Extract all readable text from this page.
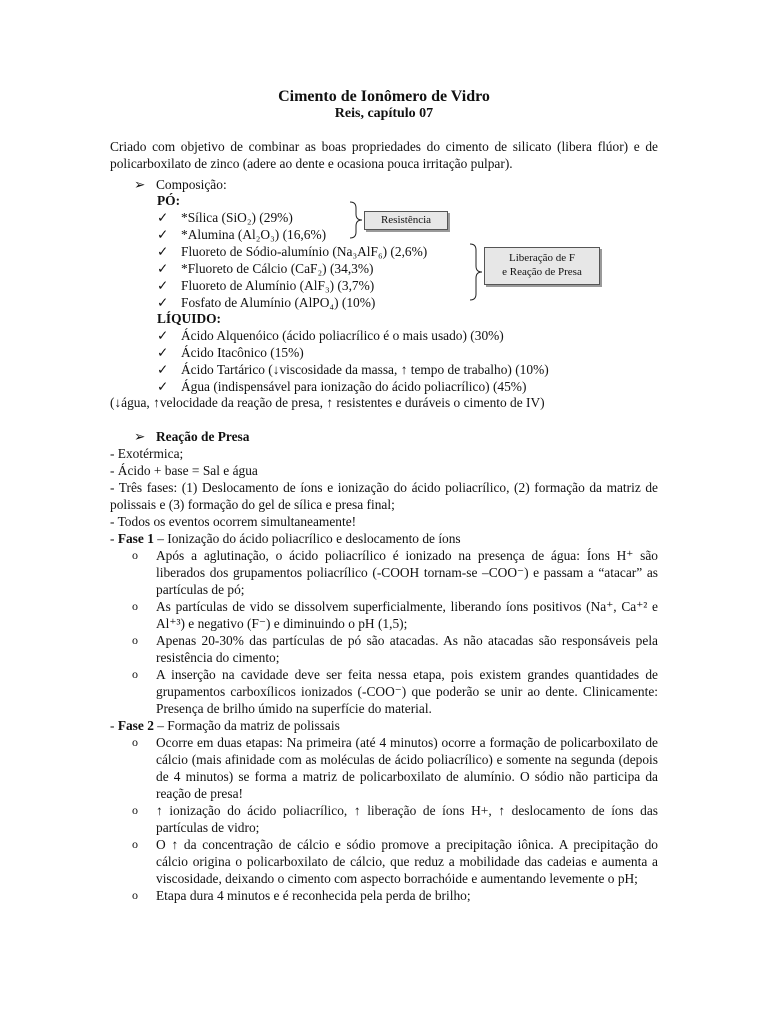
Cimento de Ionômero de Vidro
Reis, capítulo 07
Criado com objetivo de combinar as boas propriedades do cimento de silicato (libera flúor) e de policarboxilato de zinco (adere ao dente e ocasiona pouca irritação pulpar).
➢ Composição:
PÓ:
✓ *Sílica (SiO₂) (29%)
✓ *Alumina (Al₂O₃) (16,6%)
✓ Fluoreto de Sódio-alumínio (Na₃AlF₆) (2,6%)
✓ *Fluoreto de Cálcio (CaF₂) (34,3%)
✓ Fluoreto de Alumínio (AlF₃) (3,7%)
✓ Fosfato de Alumínio (AlPO₄) (10%)
Resistência
Liberação de F
e Reação de Presa
LÍQUIDO:
✓ Ácido Alquenóico (ácido poliacrílico é o mais usado) (30%)
✓ Ácido Itacônico (15%)
✓ Ácido Tartárico (↓viscosidade da massa, ↑ tempo de trabalho) (10%)
✓ Água (indispensável para ionização do ácido poliacrílico) (45%)
(↓água, ↑velocidade da reação de presa, ↑ resistentes e duráveis o cimento de IV)
➢ Reação de Presa
- Exotérmica;
- Ácido + base = Sal e água
- Três fases: (1) Deslocamento de íons e ionização do ácido poliacrílico, (2) formação da matriz de polissais e (3) formação do gel de sílica e presa final;
- Todos os eventos ocorrem simultaneamente!
- Fase 1 – Ionização do ácido poliacrílico e deslocamento de íons
o Após a aglutinação, o ácido poliacrílico é ionizado na presença de água: Íons H⁺ são liberados dos grupamentos poliacrílico (-COOH tornam-se –COO⁻) e passam a “atacar” as partículas de pó;
o As partículas de vido se dissolvem superficialmente, liberando íons positivos (Na⁺, Ca⁺² e Al⁺³) e negativo (F⁻) e diminuindo o pH (1,5);
o Apenas 20-30% das partículas de pó são atacadas. As não atacadas são responsáveis pela resistência do cimento;
o A inserção na cavidade deve ser feita nessa etapa, pois existem grandes quantidades de grupamentos carboxílicos ionizados (-COO⁻) que poderão se unir ao dente. Clinicamente: Presença de brilho úmido na superfície do material.
- Fase 2 – Formação da matriz de polissais
o Ocorre em duas etapas: Na primeira (até 4 minutos) ocorre a formação de policarboxilato de cálcio (mais afinidade com as moléculas de ácido poliacrílico) e somente na segunda (depois de 4 minutos) se forma a matriz de policarboxilato de alumínio. O sódio não participa da reação de presa!
o ↑ ionização do ácido poliacrílico, ↑ liberação de íons H+, ↑ deslocamento de íons das partículas de vidro;
o O ↑ da concentração de cálcio e sódio promove a precipitação iônica. A precipitação do cálcio origina o policarboxilato de cálcio, que reduz a mobilidade das cadeias e aumenta a viscosidade, deixando o cimento com aspecto borrachóide e aumentando levemente o pH;
o Etapa dura 4 minutos e é reconhecida pela perda de brilho;
